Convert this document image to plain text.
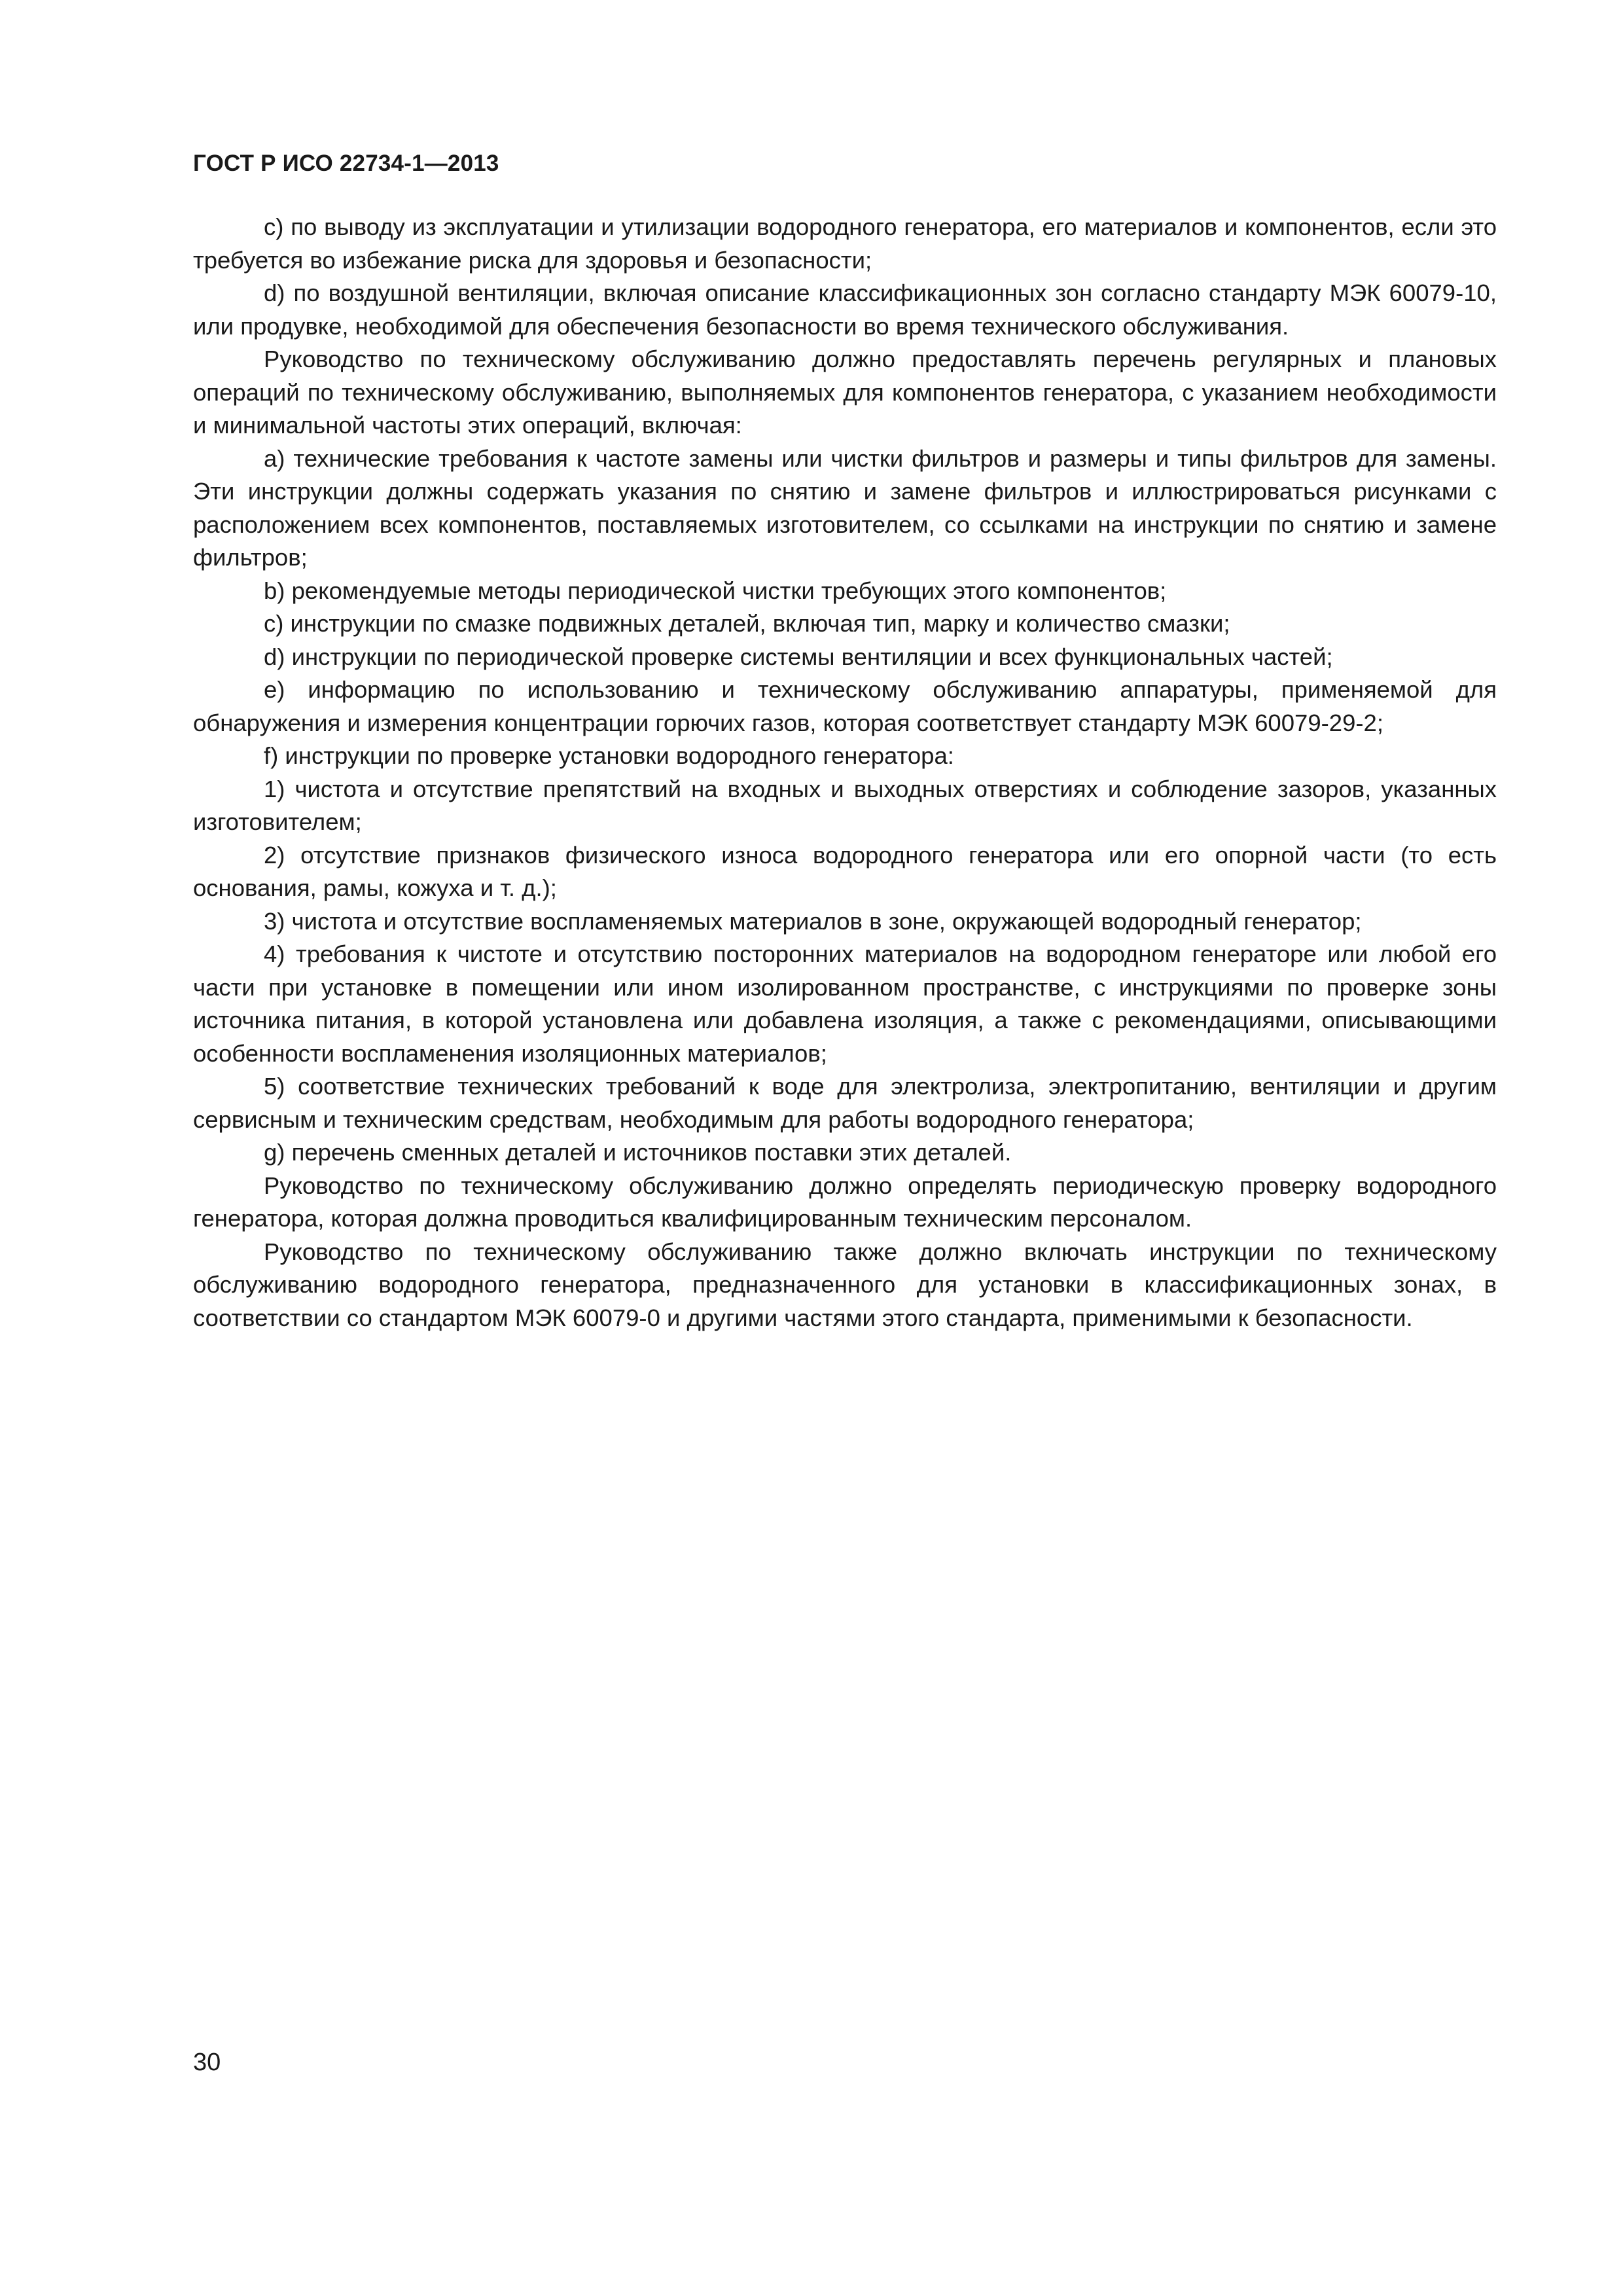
ГОСТ Р ИСО 22734-1—2013

c) по выводу из эксплуатации и утилизации водородного генератора, его материалов и компонентов, если это требуется во избежание риска для здоровья и безопасности;

d) по воздушной вентиляции, включая описание классификационных зон согласно стандарту МЭК 60079-10, или продувке, необходимой для обеспечения безопасности во время технического обслуживания.

Руководство по техническому обслуживанию должно предоставлять перечень регулярных и плановых операций по техническому обслуживанию, выполняемых для компонентов генератора, с указанием необходимости и минимальной частоты этих операций, включая:

a) технические требования к частоте замены или чистки фильтров и размеры и типы фильтров для замены. Эти инструкции должны содержать указания по снятию и замене фильтров и иллюстрироваться рисунками с расположением всех компонентов, поставляемых изготовителем, со ссылками на инструкции по снятию и замене фильтров;

b) рекомендуемые методы периодической чистки требующих этого компонентов;

c) инструкции по смазке подвижных деталей, включая тип, марку и количество смазки;

d) инструкции по периодической проверке системы вентиляции и всех функциональных частей;

e) информацию по использованию и техническому обслуживанию аппаратуры, применяемой для обнаружения и измерения концентрации горючих газов, которая соответствует стандарту МЭК 60079-29-2;

f) инструкции по проверке установки водородного генератора:

1) чистота и отсутствие препятствий на входных и выходных отверстиях и соблюдение зазоров, указанных изготовителем;

2) отсутствие признаков физического износа водородного генератора или его опорной части (то есть основания, рамы, кожуха и т. д.);

3) чистота и отсутствие воспламеняемых материалов в зоне, окружающей водородный генератор;

4) требования к чистоте и отсутствию посторонних материалов на водородном генераторе или любой его части при установке в помещении или ином изолированном пространстве, с инструкциями по проверке зоны источника питания, в которой установлена или добавлена изоляция, а также с рекомендациями, описывающими особенности воспламенения изоляционных материалов;

5) соответствие технических требований к воде для электролиза, электропитанию, вентиляции и другим сервисным и техническим средствам, необходимым для работы водородного генератора;

g) перечень сменных деталей и источников поставки этих деталей.

Руководство по техническому обслуживанию должно определять периодическую проверку водородного генератора, которая должна проводиться квалифицированным техническим персоналом.

Руководство по техническому обслуживанию также должно включать инструкции по техническому обслуживанию водородного генератора, предназначенного для установки в классификационных зонах, в соответствии со стандартом МЭК 60079-0 и другими частями этого стандарта, применимыми к безопасности.

30
